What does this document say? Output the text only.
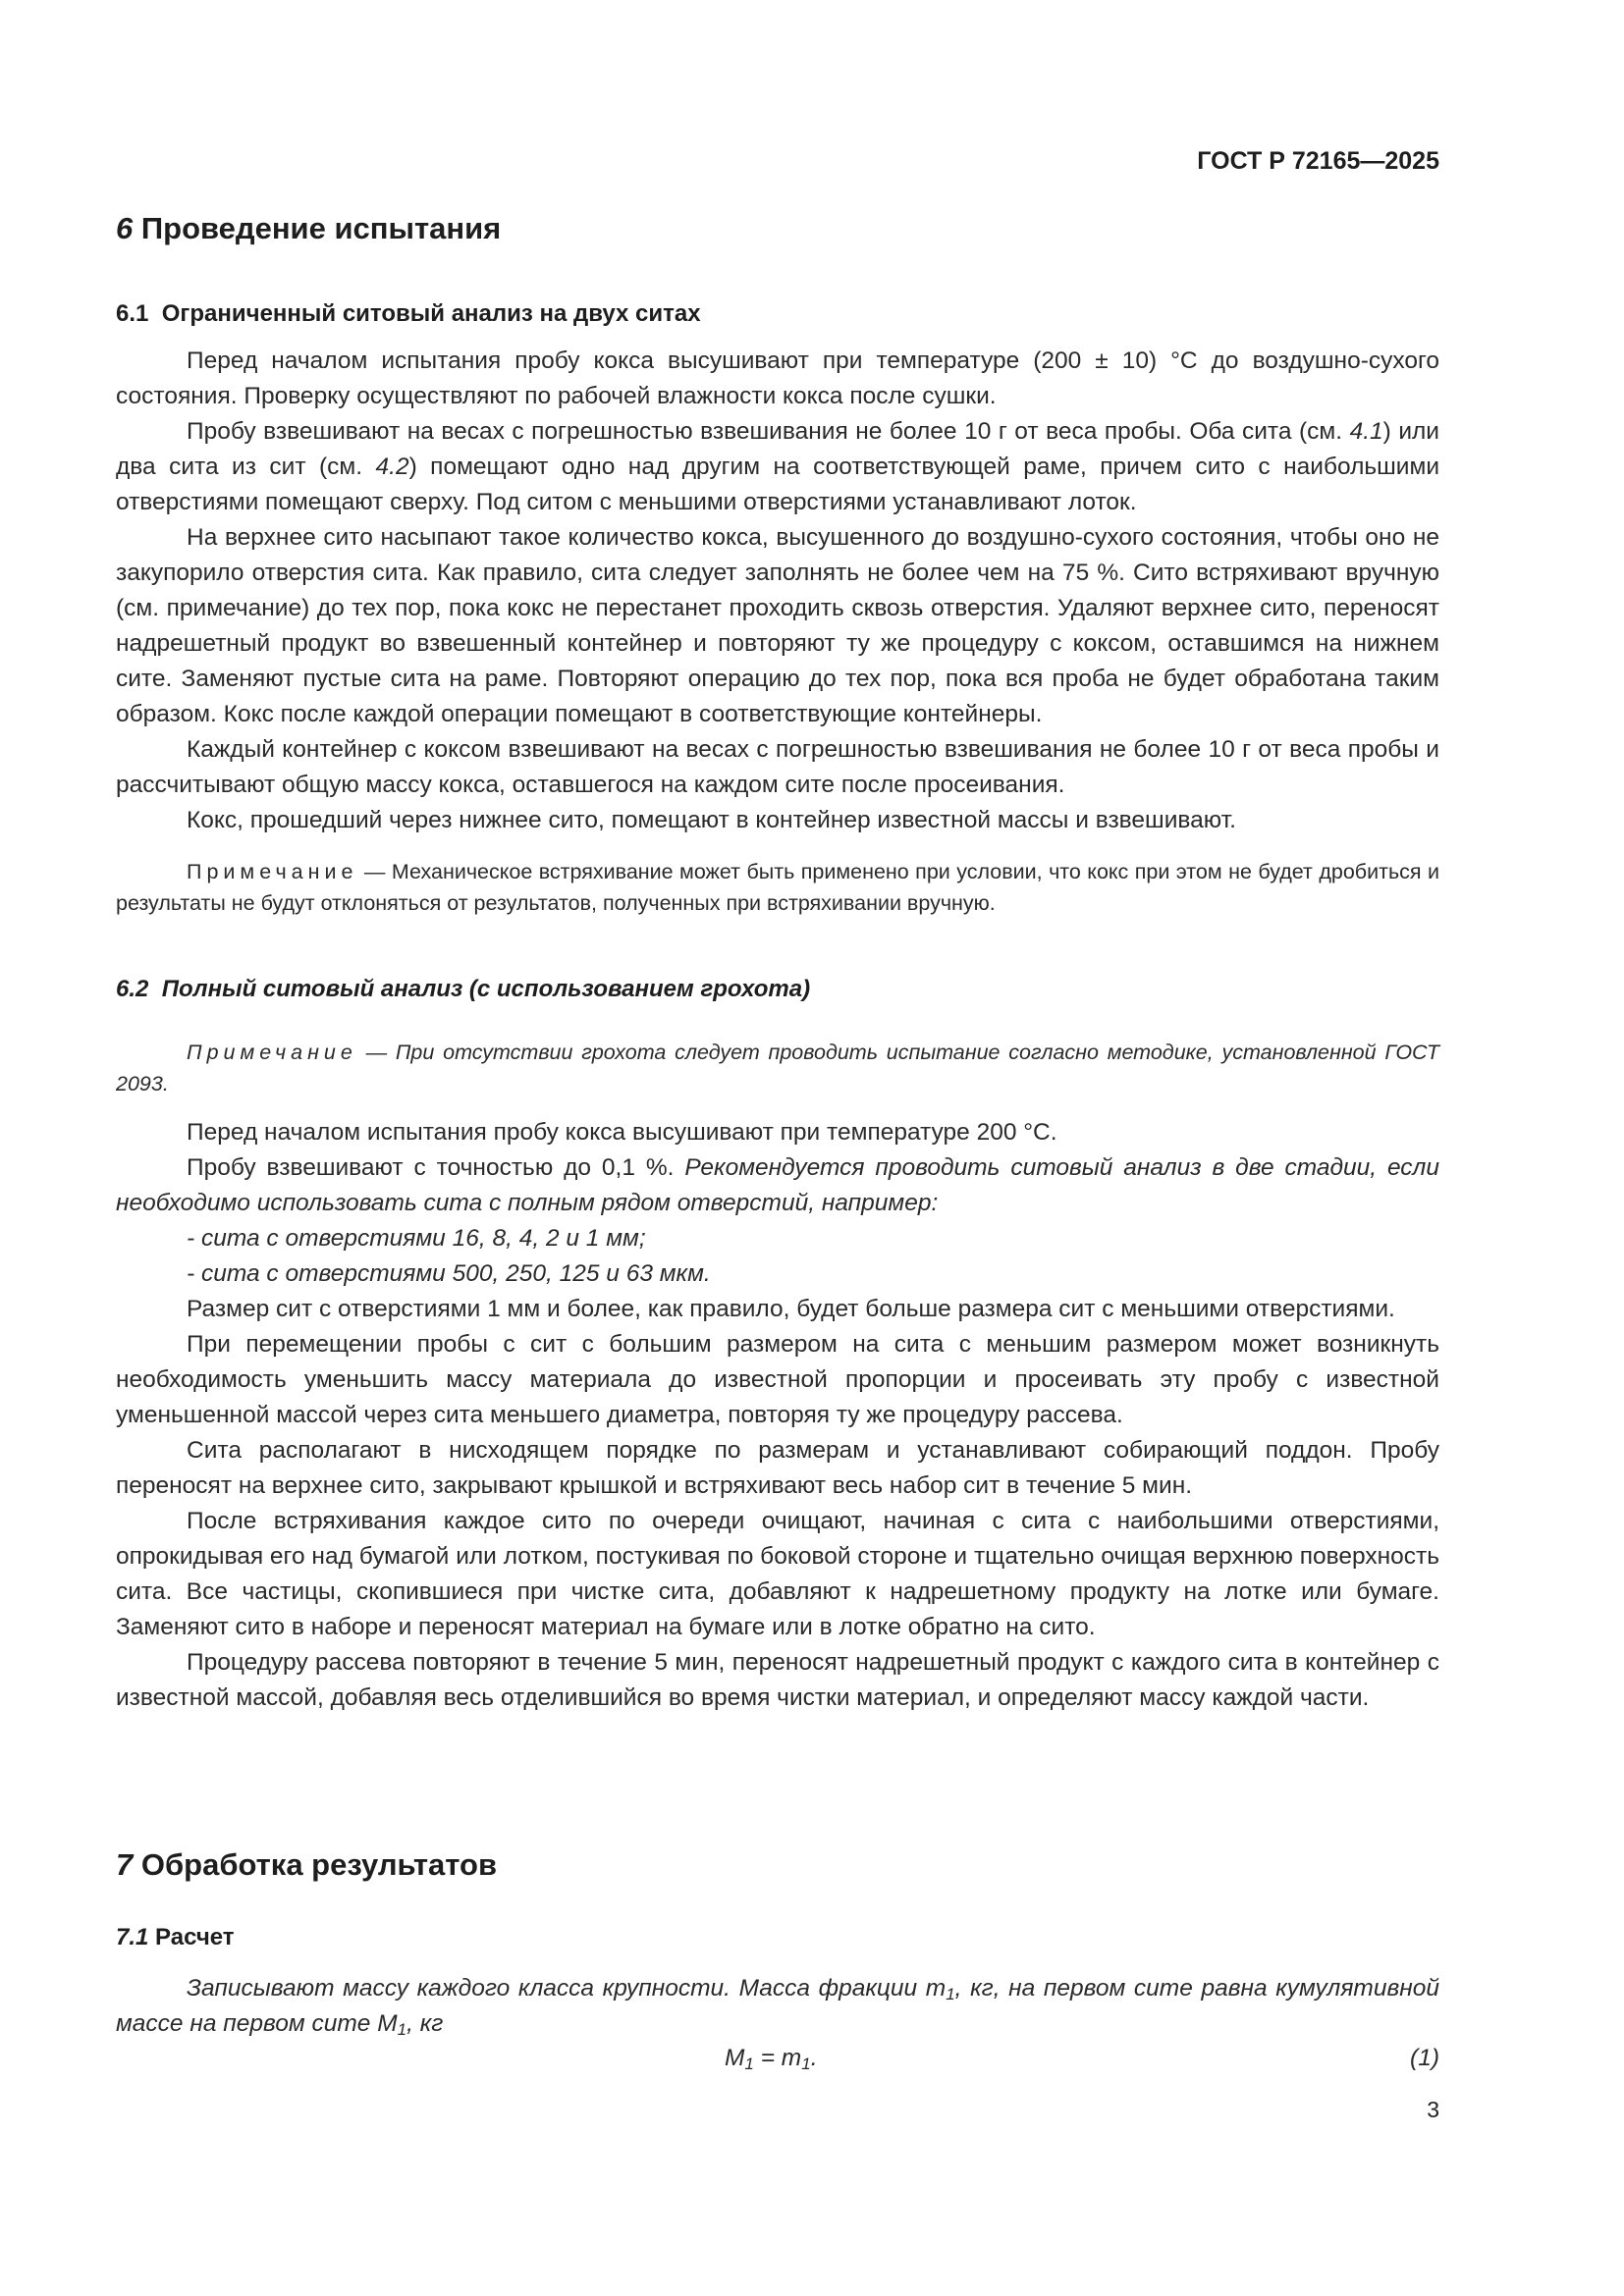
ГОСТ Р 72165—2025
6 Проведение испытания
6.1 Ограниченный ситовый анализ на двух ситах

Перед началом испытания пробу кокса высушивают при температуре (200 ± 10) °С до воздушно-сухого состояния. Проверку осуществляют по рабочей влажности кокса после сушки.

Пробу взвешивают на весах с погрешностью взвешивания не более 10 г от веса пробы. Оба сита (см. 4.1) или два сита из сит (см. 4.2) помещают одно над другим на соответствующей раме, причем сито с наибольшими отверстиями помещают сверху. Под ситом с меньшими отверстиями устанавливают лоток.

На верхнее сито насыпают такое количество кокса, высушенного до воздушно-сухого состояния, чтобы оно не закупорило отверстия сита. Как правило, сита следует заполнять не более чем на 75 %. Сито встряхивают вручную (см. примечание) до тех пор, пока кокс не перестанет проходить сквозь отверстия. Удаляют верхнее сито, переносят надрешетный продукт во взвешенный контейнер и повторяют ту же процедуру с коксом, оставшимся на нижнем сите. Заменяют пустые сита на раме. Повторяют операцию до тех пор, пока вся проба не будет обработана таким образом. Кокс после каждой операции помещают в соответствующие контейнеры.

Каждый контейнер с коксом взвешивают на весах с погрешностью взвешивания не более 10 г от веса пробы и рассчитывают общую массу кокса, оставшегося на каждом сите после просеивания.

Кокс, прошедший через нижнее сито, помещают в контейнер известной массы и взвешивают.

Примечание — Механическое встряхивание может быть применено при условии, что кокс при этом не будет дробиться и результаты не будут отклоняться от результатов, полученных при встряхивании вручную.
6.2 Полный ситовый анализ (с использованием грохота)
Примечание — При отсутствии грохота следует проводить испытание согласно методике, установленной ГОСТ 2093.

Перед началом испытания пробу кокса высушивают при температуре 200 °С.

Пробу взвешивают с точностью до 0,1 %. Рекомендуется проводить ситовый анализ в две стадии, если необходимо использовать сита с полным рядом отверстий, например:

- сита с отверстиями 16, 8, 4, 2 и 1 мм;
- сита с отверстиями 500, 250, 125 и 63 мкм.

Размер сит с отверстиями 1 мм и более, как правило, будет больше размера сит с меньшими отверстиями.

При перемещении пробы с сит с большим размером на сита с меньшим размером может возникнуть необходимость уменьшить массу материала до известной пропорции и просеивать эту пробу с известной уменьшенной массой через сита меньшего диаметра, повторяя ту же процедуру рассева.

Сита располагают в нисходящем порядке по размерам и устанавливают собирающий поддон. Пробу переносят на верхнее сито, закрывают крышкой и встряхивают весь набор сит в течение 5 мин.

После встряхивания каждое сито по очереди очищают, начиная с сита с наибольшими отверстиями, опрокидывая его над бумагой или лотком, постукивая по боковой стороне и тщательно очищая верхнюю поверхность сита. Все частицы, скопившиеся при чистке сита, добавляют к надрешетному продукту на лотке или бумаге. Заменяют сито в наборе и переносят материал на бумаге или в лотке обратно на сито.

Процедуру рассева повторяют в течение 5 мин, переносят надрешетный продукт с каждого сита в контейнер с известной массой, добавляя весь отделившийся во время чистки материал, и определяют массу каждой части.

7 Обработка результатов
7.1 Расчет

Записывают массу каждого класса крупности. Масса фракции $m_1$, кг, на первом сите равна кумулятивной массе на первом сите $M_1$, кг

$M_1 = m_1$.	(1)
3
